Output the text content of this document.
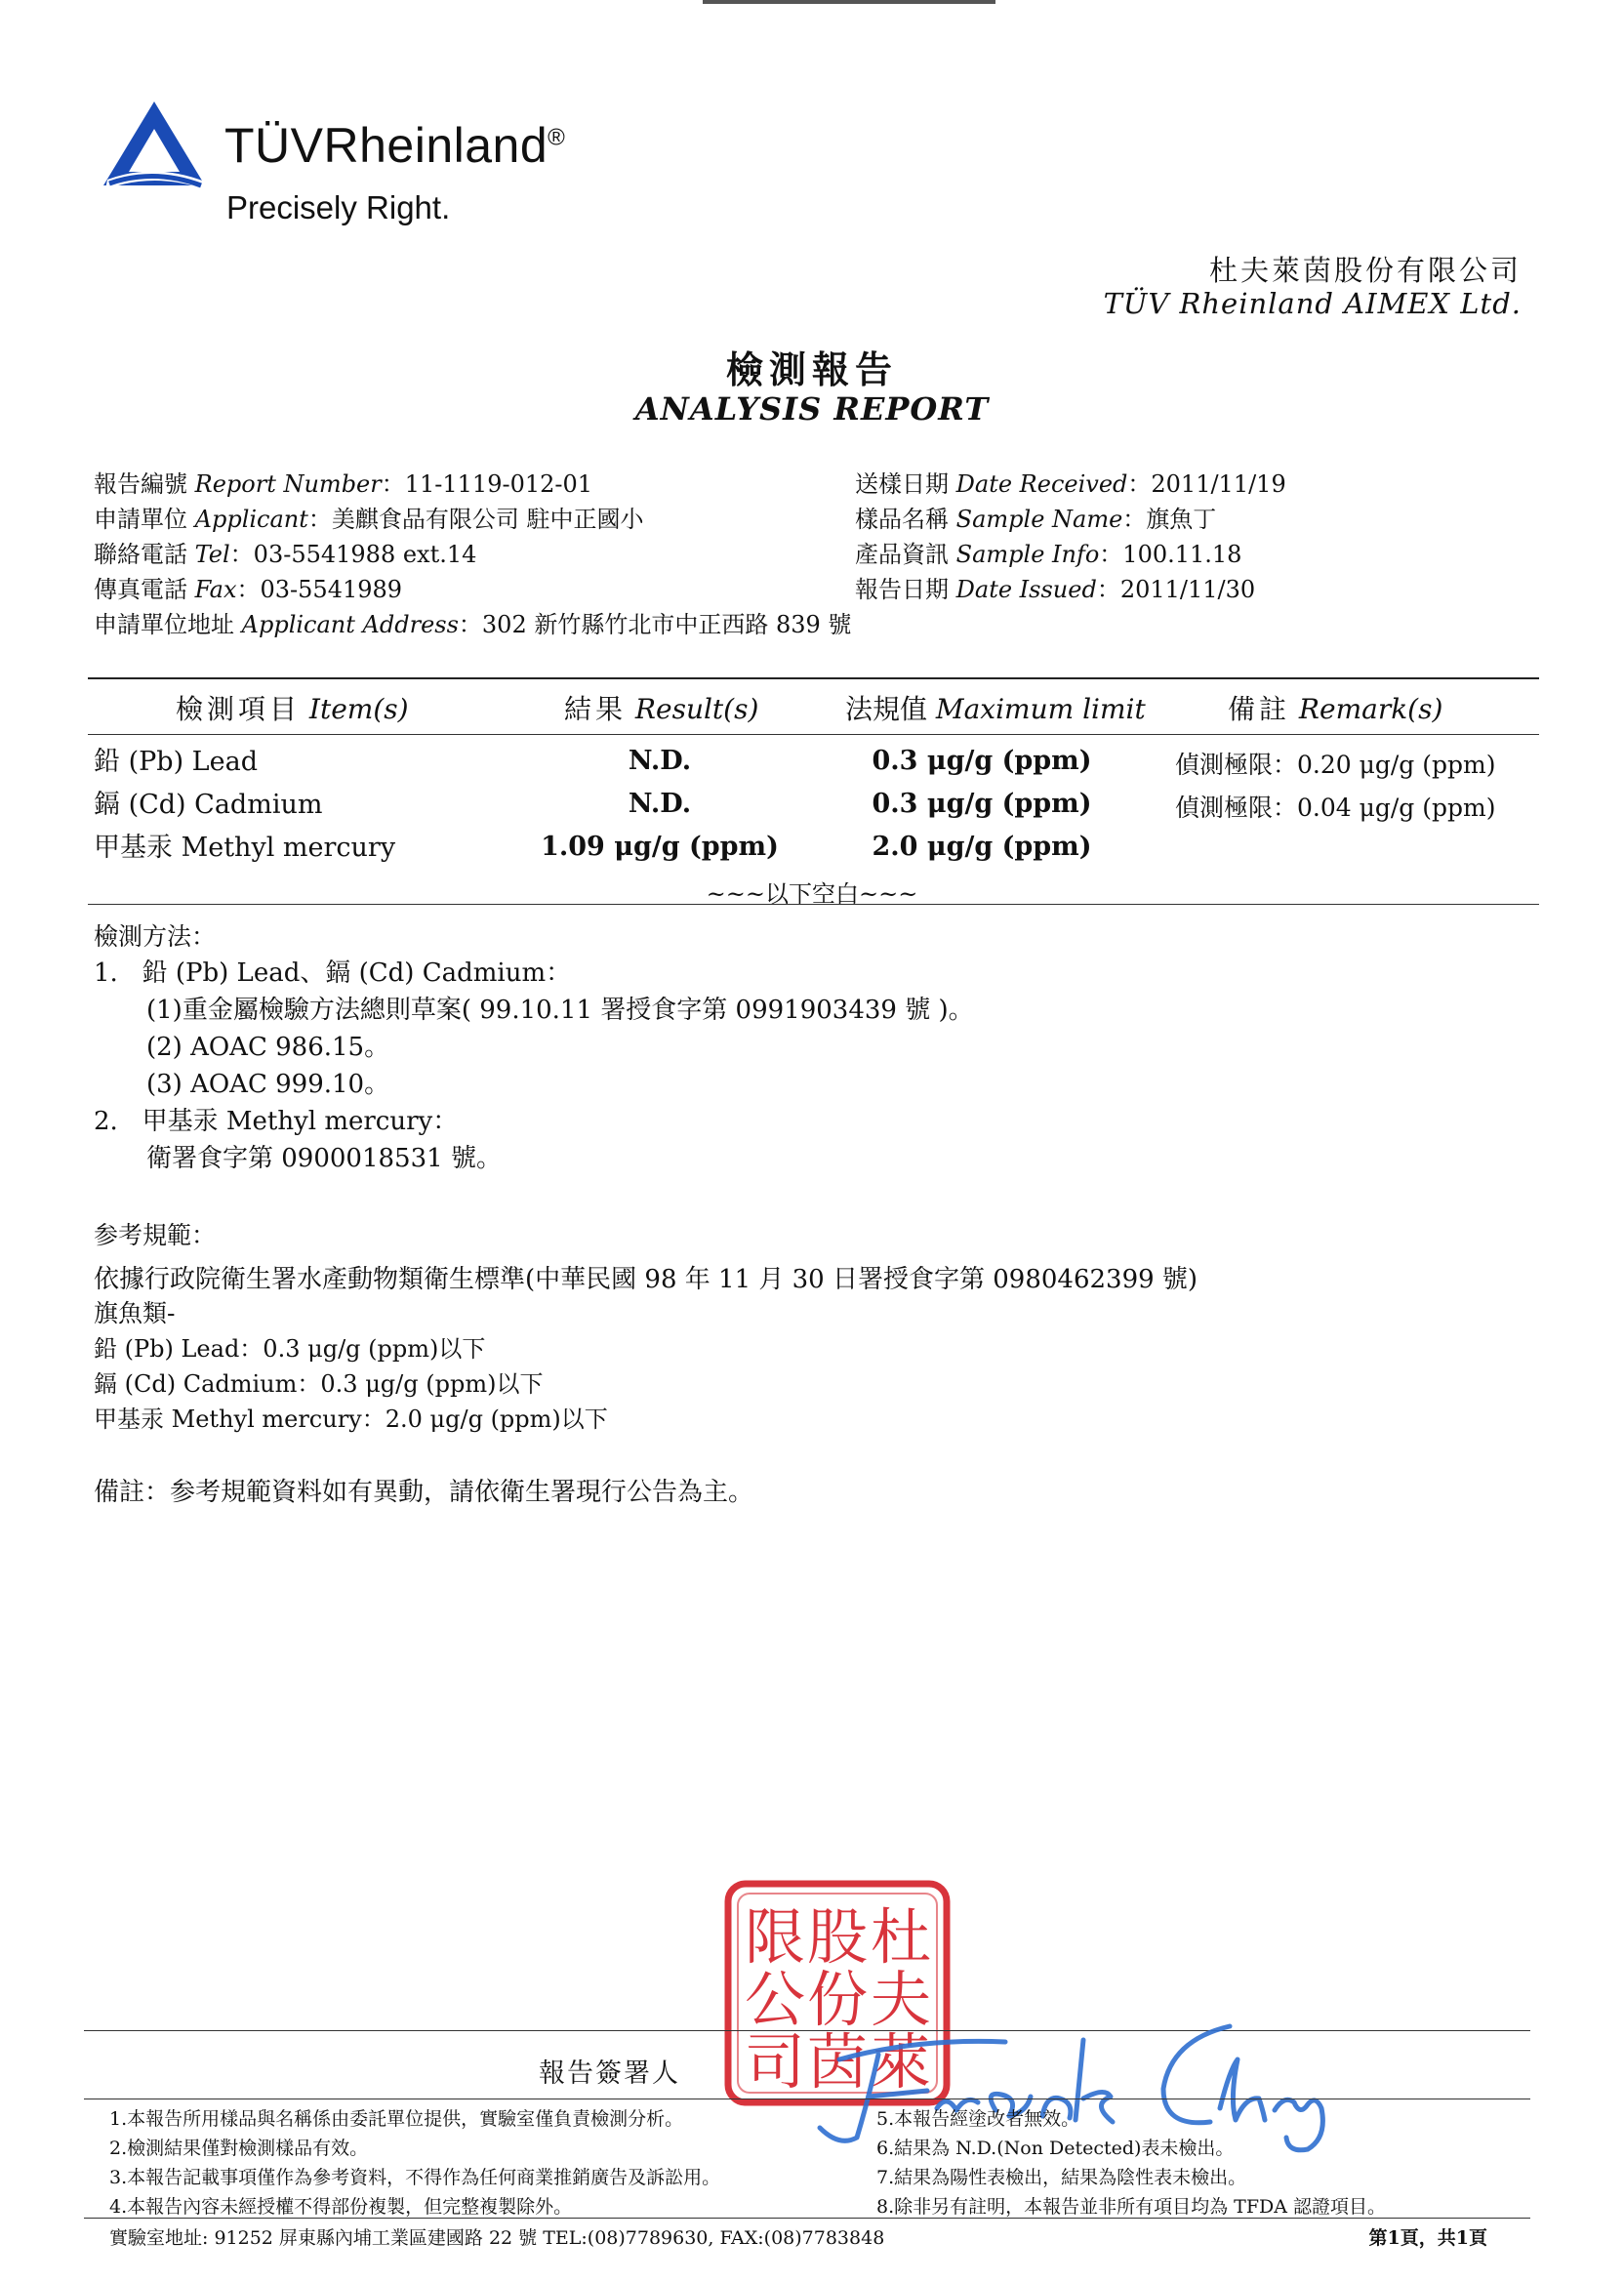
TÜVRheinland®
Precisely Right.
杜夫萊茵股份有限公司
TÜV Rheinland AIMEX Ltd.
檢測報告
ANALYSIS REPORT
報告編號 Report Number：11-1119-012-01
申請單位 Applicant：美麒食品有限公司 駐中正國小
聯絡電話 Tel：03-5541988 ext.14
傳真電話 Fax：03-5541989
申請單位地址 Applicant Address：302 新竹縣竹北市中正西路 839 號
送樣日期 Date Received：2011/11/19
樣品名稱 Sample Name：旗魚丁
產品資訊 Sample Info：100.11.18
報告日期 Date Issued：2011/11/30
檢測項目 Item(s)	結果 Result(s)	法規值 Maximum limit	備註 Remark(s)
鉛 (Pb) Lead	N.D.	0.3 μg/g (ppm)	偵測極限：0.20 μg/g (ppm)
鎘 (Cd) Cadmium	N.D.	0.3 μg/g (ppm)	偵測極限：0.04 μg/g (ppm)
甲基汞 Methyl mercury	1.09 μg/g (ppm)	2.0 μg/g (ppm)
~~~以下空白~~~
檢測方法：
1.   鉛 (Pb) Lead、鎘 (Cd) Cadmium：
(1)重金屬檢驗方法總則草案( 99.10.11 署授食字第 0991903439 號 )。
(2) AOAC 986.15。
(3) AOAC 999.10。
2.   甲基汞 Methyl mercury：
衛署食字第 0900018531 號。
参考規範：
依據行政院衛生署水產動物類衛生標準(中華民國 98 年 11 月 30 日署授食字第 0980462399 號)
旗魚類-
鉛 (Pb) Lead：0.3 μg/g (ppm)以下
鎘 (Cd) Cadmium：0.3 μg/g (ppm)以下
甲基汞 Methyl mercury：2.0 μg/g (ppm)以下
備註：参考規範資料如有異動，請依衛生署現行公告為主。
杜
夫
萊
股
份
茵
限
公
司
報告簽署人
1.本報告所用樣品與名稱係由委託單位提供，實驗室僅負責檢測分析。
2.檢測結果僅對檢測樣品有效。
3.本報告記載事項僅作為參考資料，不得作為任何商業推銷廣告及訴訟用。
4.本報告內容未經授權不得部份複製，但完整複製除外。
5.本報告經塗改者無效。
6.結果為 N.D.(Non Detected)表未檢出。
7.結果為陽性表檢出，結果為陰性表未檢出。
8.除非另有註明，本報告並非所有項目均為 TFDA 認證項目。
實驗室地址: 91252 屏東縣內埔工業區建國路 22 號 TEL:(08)7789630, FAX:(08)7783848	第1頁，共1頁
